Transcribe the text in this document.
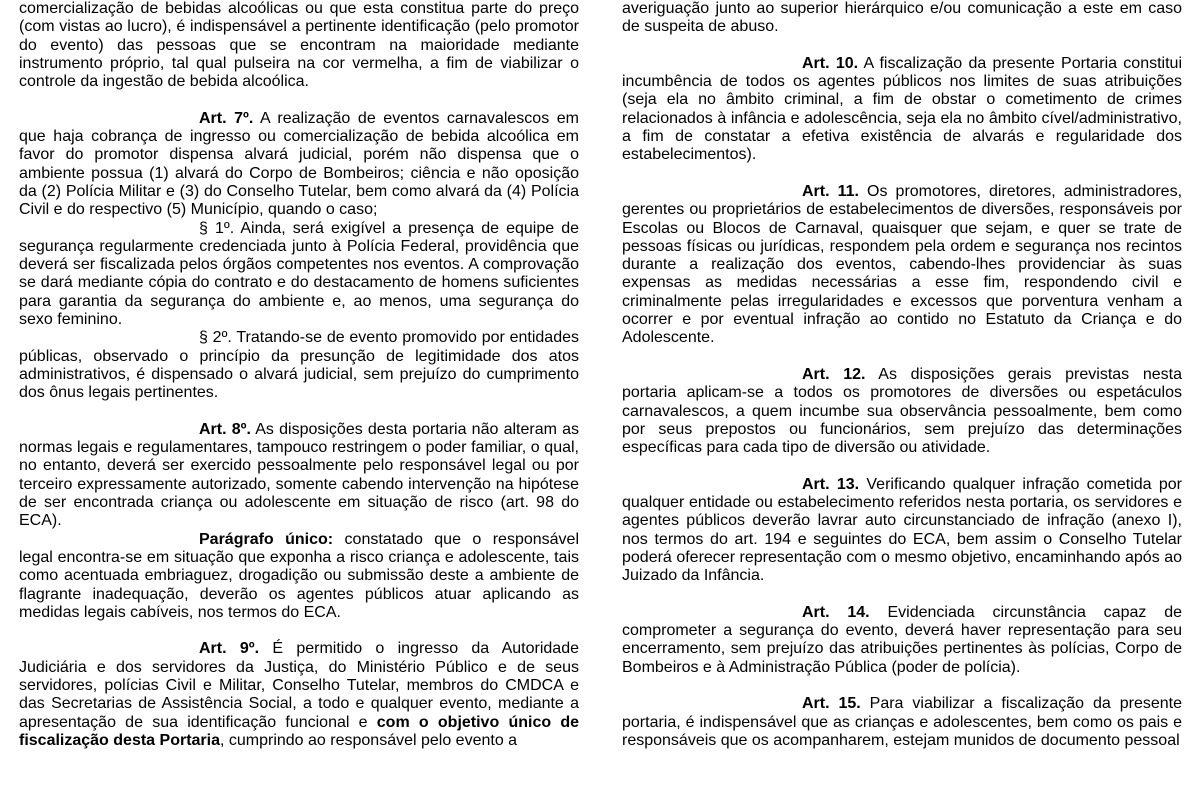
comercialização de bebidas alcoólicas ou que esta constitua parte do preço (com vistas ao lucro), é indispensável a pertinente identificação (pelo promotor do evento) das pessoas que se encontram na maioridade mediante instrumento próprio, tal qual pulseira na cor vermelha, a fim de viabilizar o controle da ingestão de bebida alcoólica.

Art. 7º. A realização de eventos carnavalescos em que haja cobrança de ingresso ou comercialização de bebida alcoólica em favor do promotor dispensa alvará judicial, porém não dispensa que o ambiente possua (1) alvará do Corpo de Bombeiros; ciência e não oposição da (2) Polícia Militar e (3) do Conselho Tutelar, bem como alvará da (4) Polícia Civil e do respectivo (5) Município, quando o caso;

§ 1º. Ainda, será exigível a presença de equipe de segurança regularmente credenciada junto à Polícia Federal, providência que deverá ser fiscalizada pelos órgãos competentes nos eventos. A comprovação se dará mediante cópia do contrato e do destacamento de homens suficientes para garantia da segurança do ambiente e, ao menos, uma segurança do sexo feminino.

§ 2º. Tratando-se de evento promovido por entidades públicas, observado o princípio da presunção de legitimidade dos atos administrativos, é dispensado o alvará judicial, sem prejuízo do cumprimento dos ônus legais pertinentes.

Art. 8º. As disposições desta portaria não alteram as normas legais e regulamentares, tampouco restringem o poder familiar, o qual, no entanto, deverá ser exercido pessoalmente pelo responsável legal ou por terceiro expressamente autorizado, somente cabendo intervenção na hipótese de ser encontrada criança ou adolescente em situação de risco (art. 98 do ECA).

Parágrafo único: constatado que o responsável legal encontra-se em situação que exponha a risco criança e adolescente, tais como acentuada embriaguez, drogadição ou submissão deste a ambiente de flagrante inadequação, deverão os agentes públicos atuar aplicando as medidas legais cabíveis, nos termos do ECA.

Art. 9º. É permitido o ingresso da Autoridade Judiciária e dos servidores da Justiça, do Ministério Público e de seus servidores, polícias Civil e Militar, Conselho Tutelar, membros do CMDCA e das Secretarias de Assistência Social, a todo e qualquer evento, mediante a apresentação de sua identificação funcional e com o objetivo único de fiscalização desta Portaria, cumprindo ao responsável pelo evento a

averiguação junto ao superior hierárquico e/ou comunicação a este em caso de suspeita de abuso.

Art. 10. A fiscalização da presente Portaria constitui incumbência de todos os agentes públicos nos limites de suas atribuições (seja ela no âmbito criminal, a fim de obstar o cometimento de crimes relacionados à infância e adolescência, seja ela no âmbito cível/administrativo, a fim de constatar a efetiva existência de alvarás e regularidade dos estabelecimentos).

Art. 11. Os promotores, diretores, administradores, gerentes ou proprietários de estabelecimentos de diversões, responsáveis por Escolas ou Blocos de Carnaval, quaisquer que sejam, e quer se trate de pessoas físicas ou jurídicas, respondem pela ordem e segurança nos recintos durante a realização dos eventos, cabendo-lhes providenciar às suas expensas as medidas necessárias a esse fim, respondendo civil e criminalmente pelas irregularidades e excessos que porventura venham a ocorrer e por eventual infração ao contido no Estatuto da Criança e do Adolescente.

Art. 12. As disposições gerais previstas nesta portaria aplicam-se a todos os promotores de diversões ou espetáculos carnavalescos, a quem incumbe sua observância pessoalmente, bem como por seus prepostos ou funcionários, sem prejuízo das determinações específicas para cada tipo de diversão ou atividade.

Art. 13. Verificando qualquer infração cometida por qualquer entidade ou estabelecimento referidos nesta portaria, os servidores e agentes públicos deverão lavrar auto circunstanciado de infração (anexo I), nos termos do art. 194 e seguintes do ECA, bem assim o Conselho Tutelar poderá oferecer representação com o mesmo objetivo, encaminhando após ao Juizado da Infância.

Art. 14. Evidenciada circunstância capaz de comprometer a segurança do evento, deverá haver representação para seu encerramento, sem prejuízo das atribuições pertinentes às polícias, Corpo de Bombeiros e à Administração Pública (poder de polícia).

Art. 15. Para viabilizar a fiscalização da presente portaria, é indispensável que as crianças e adolescentes, bem como os pais e responsáveis que os acompanharem, estejam munidos de documento pessoal
